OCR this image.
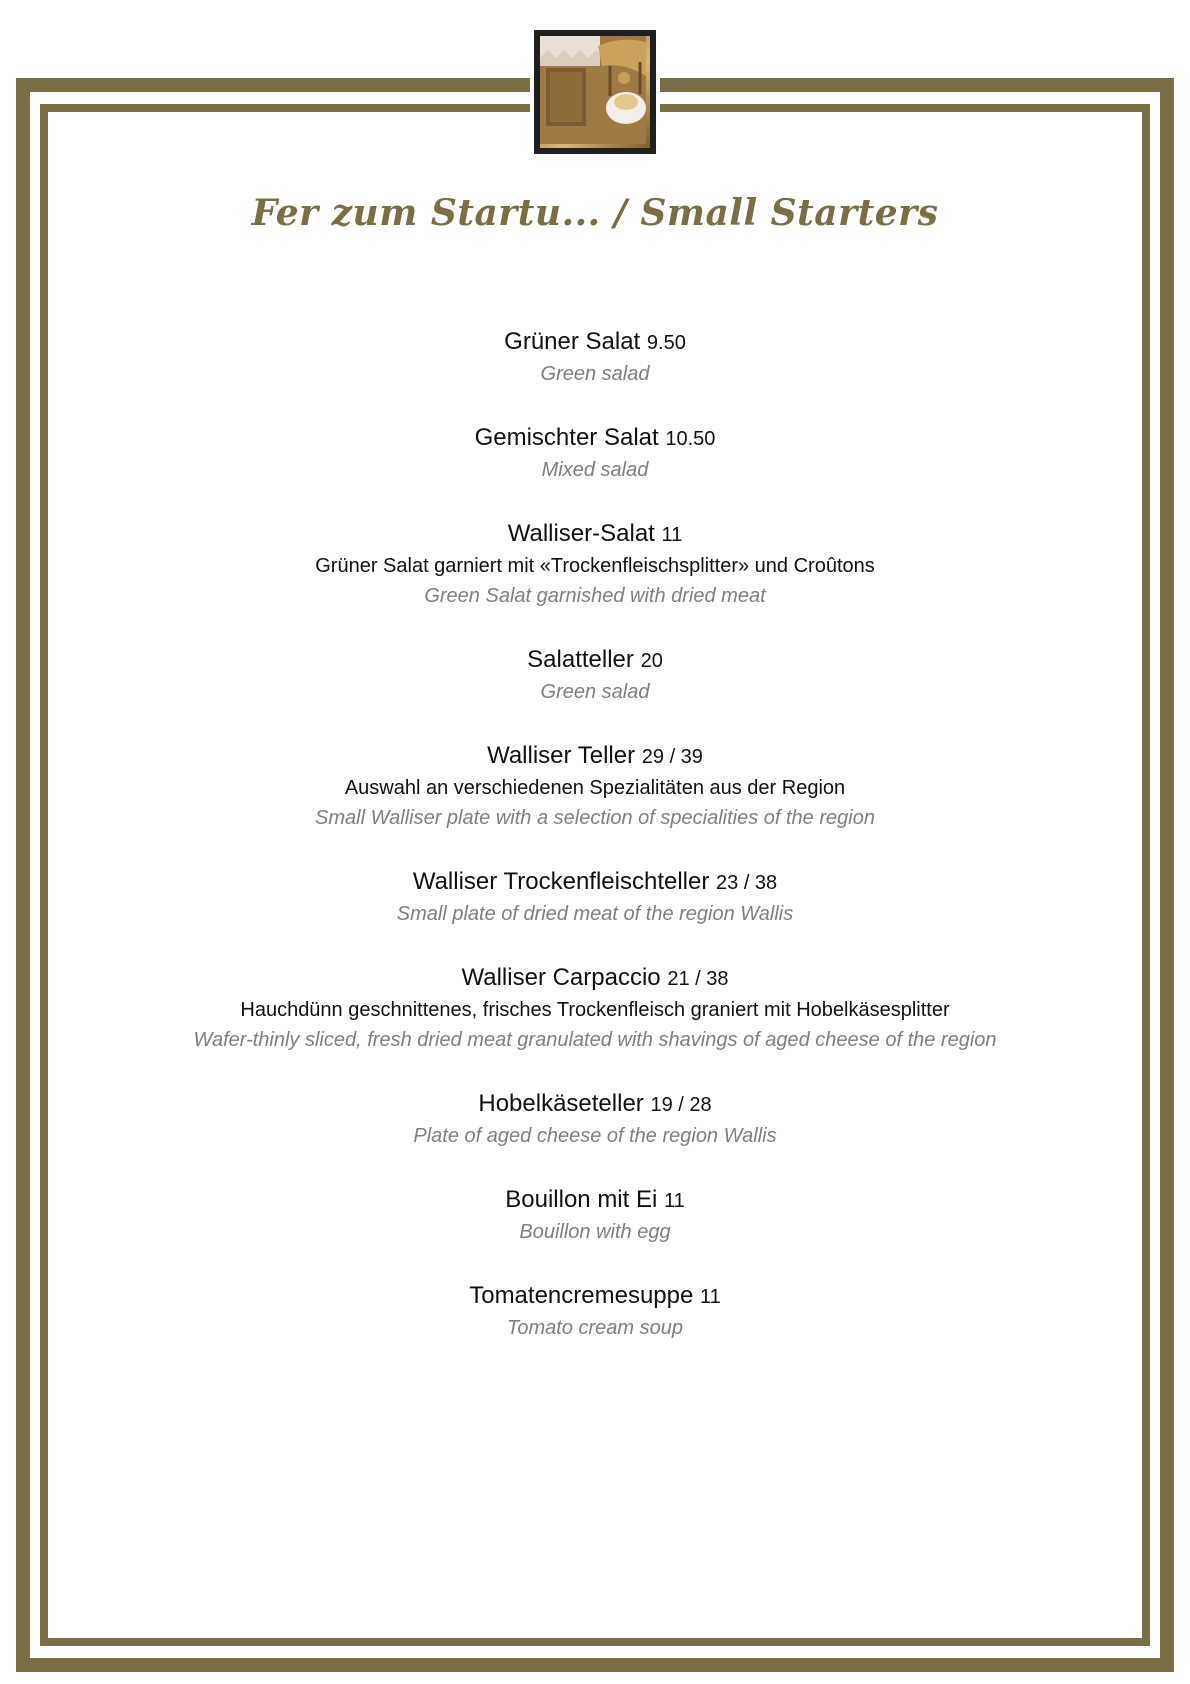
Fer zum Startu... / Small Starters

Grüner Salat 9.50

Green salad

Gemischter Salat 10.50

Mixed salad

Walliser-Salat 11

Grüner Salat garniert mit «Trockenfleischsplitter» und Croûtons

Green Salat garnished with dried meat

Salatteller 20

Green salad

Walliser Teller 29 / 39

Auswahl an verschiedenen Spezialitäten aus der Region

Small Walliser plate with a selection of specialities of the region

Walliser Trockenfleischteller 23 / 38

Small plate of dried meat of the region Wallis

Walliser Carpaccio 21 / 38

Hauchdünn geschnittenes, frisches Trockenfleisch graniert mit Hobelkäsesplitter

Wafer-thinly sliced, fresh dried meat granulated with shavings of aged cheese of the region

Hobelkäseteller 19 / 28

Plate of aged cheese of the region Wallis

Bouillon mit Ei 11

Bouillon with egg

Tomatencremesuppe 11

Tomato cream soup
